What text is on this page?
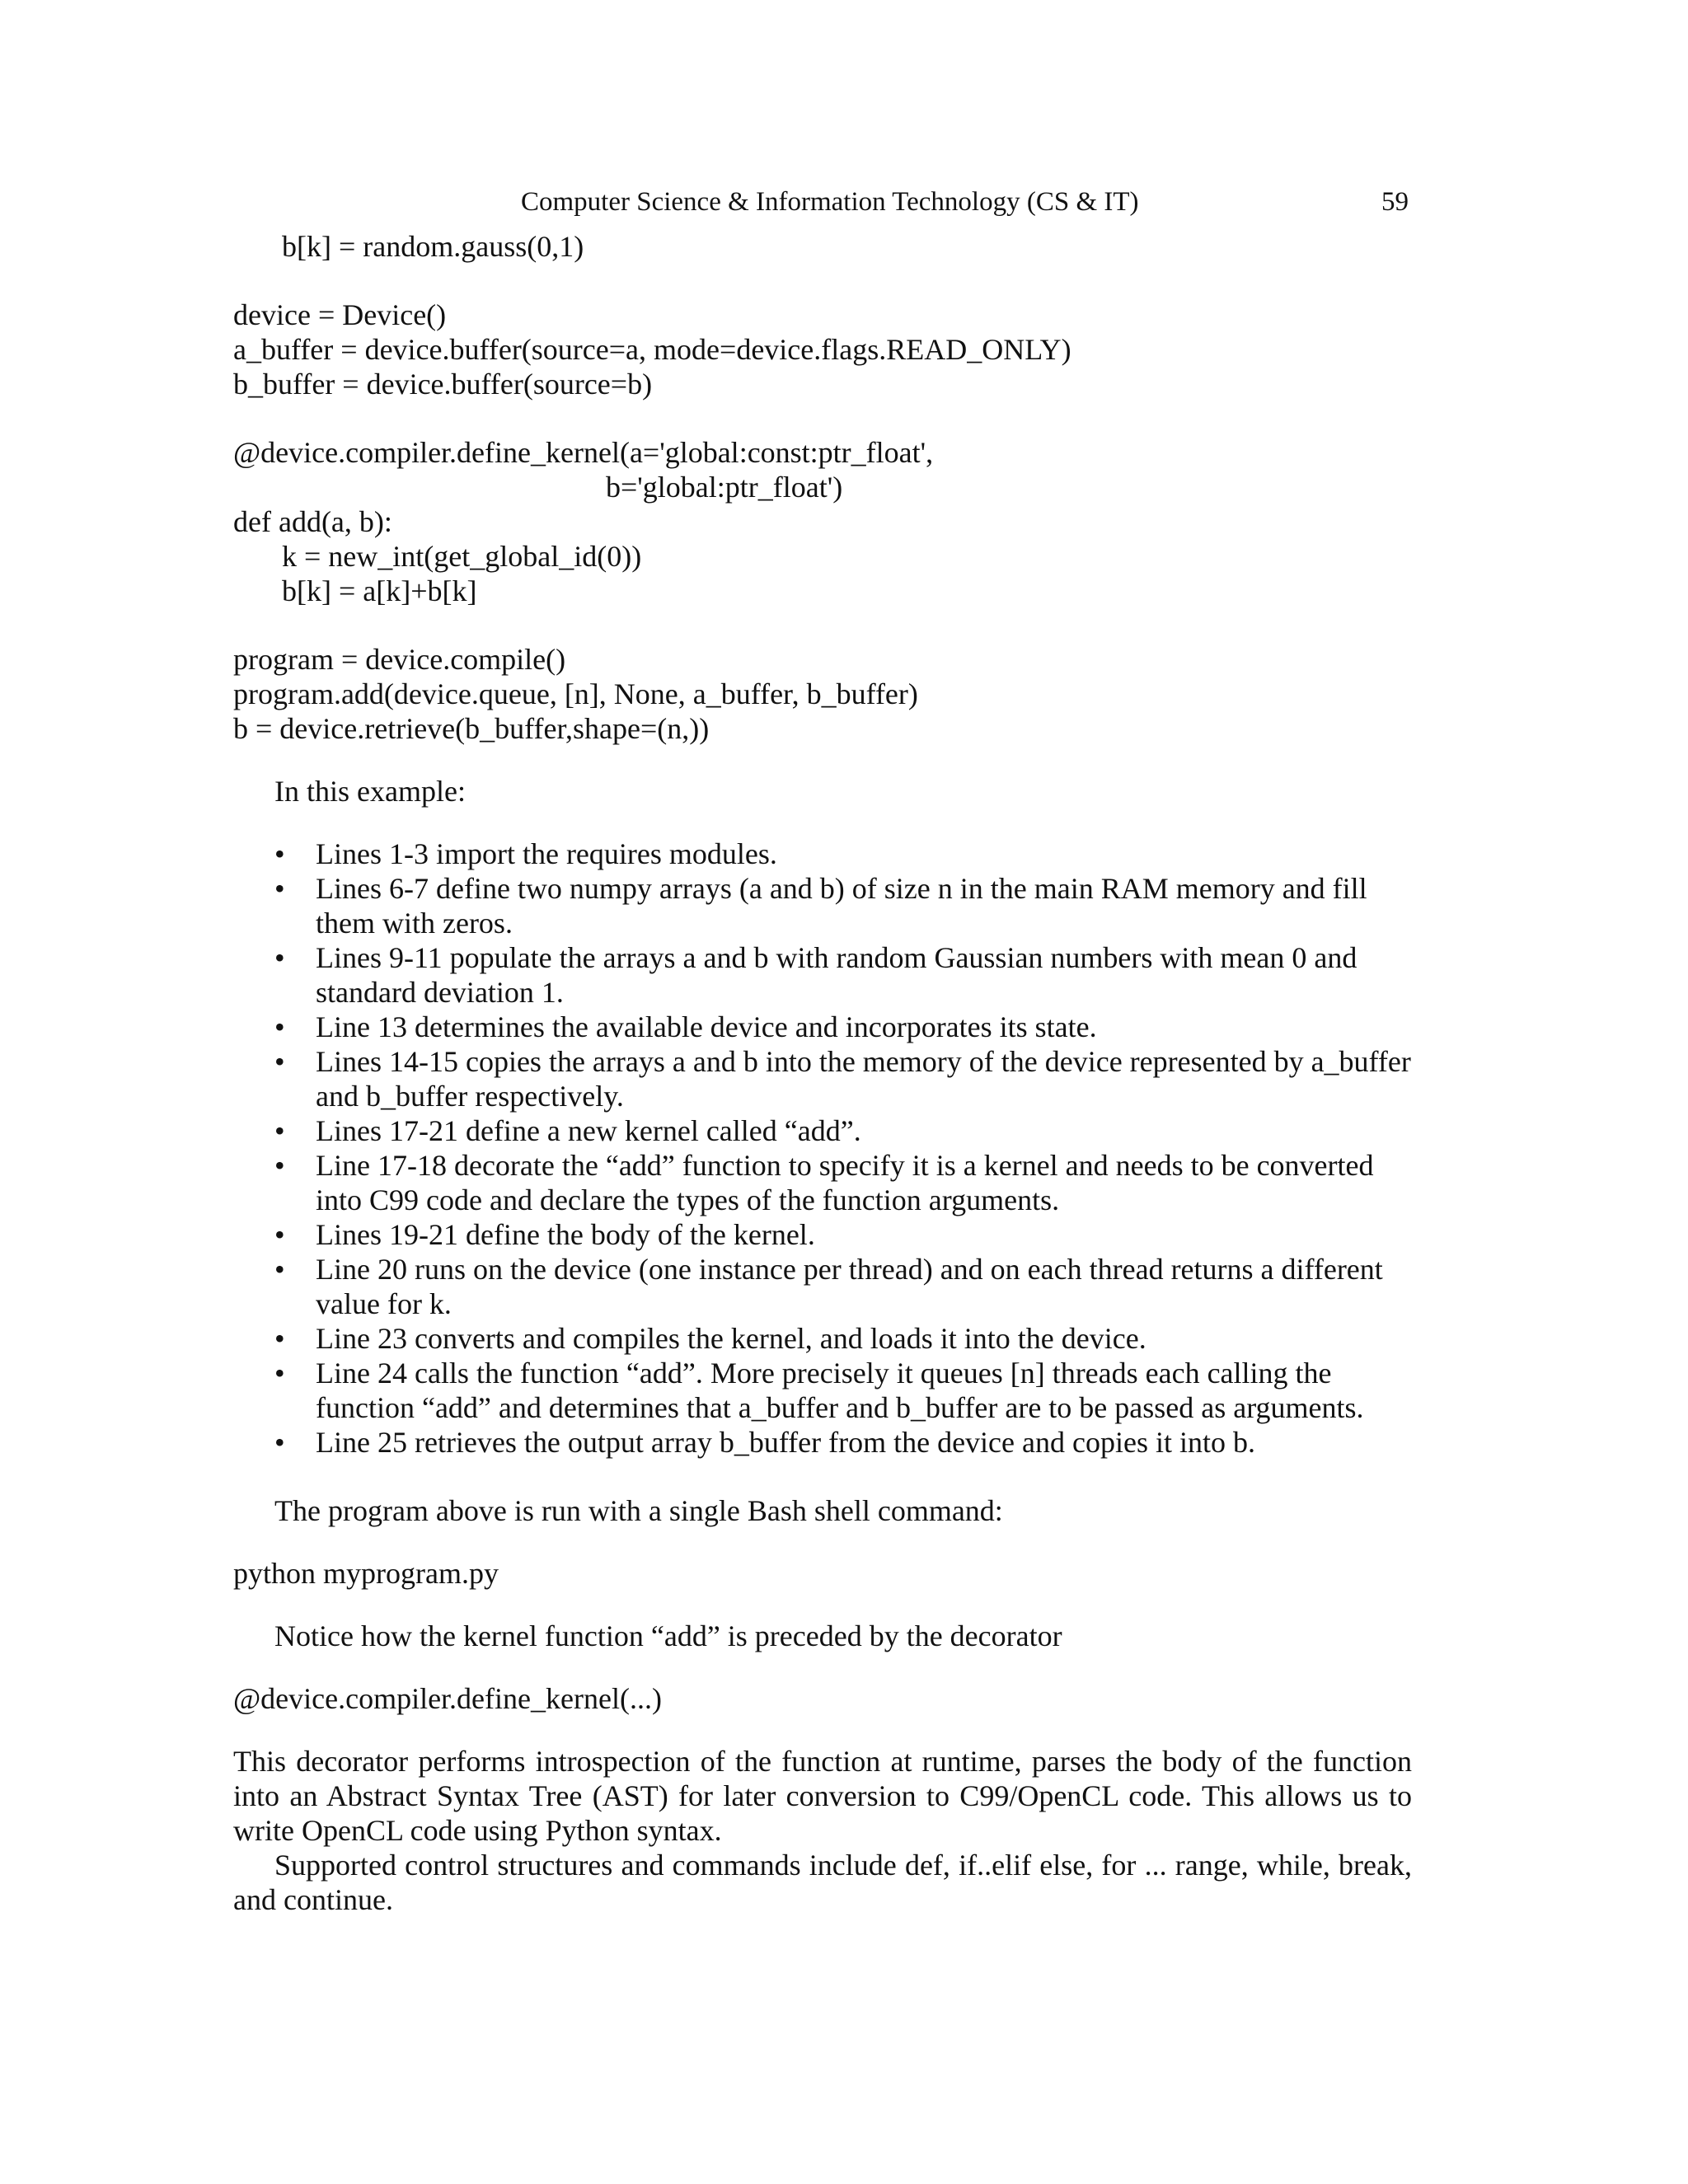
Computer Science & Information Technology (CS & IT)	59
b[k] = random.gauss(0,1)
device = Device()
a_buffer = device.buffer(source=a, mode=device.flags.READ_ONLY)
b_buffer = device.buffer(source=b)
@device.compiler.define_kernel(a='global:const:ptr_float',
b='global:ptr_float')
def add(a, b):
k = new_int(get_global_id(0))
b[k] = a[k]+b[k]
program = device.compile()
program.add(device.queue, [n], None, a_buffer, b_buffer)
b = device.retrieve(b_buffer,shape=(n,))
In this example:
• Lines 1-3 import the requires modules.
• Lines 6-7 define two numpy arrays (a and b) of size n in the main RAM memory and fill them with zeros.
• Lines 9-11 populate the arrays a and b with random Gaussian numbers with mean 0 and standard deviation 1.
• Line 13 determines the available device and incorporates its state.
• Lines 14-15 copies the arrays a and b into the memory of the device represented by a_buffer and b_buffer respectively.
• Lines 17-21 define a new kernel called “add”.
• Line 17-18 decorate the “add” function to specify it is a kernel and needs to be converted into C99 code and declare the types of the function arguments.
• Lines 19-21 define the body of the kernel.
• Line 20 runs on the device (one instance per thread) and on each thread returns a different value for k.
• Line 23 converts and compiles the kernel, and loads it into the device.
• Line 24 calls the function “add”. More precisely it queues [n] threads each calling the function “add” and determines that a_buffer and b_buffer are to be passed as arguments.
• Line 25 retrieves the output array b_buffer from the device and copies it into b.
The program above is run with a single Bash shell command:
python myprogram.py
Notice how the kernel function “add” is preceded by the decorator
@device.compiler.define_kernel(...)
This decorator performs introspection of the function at runtime, parses the body of the function into an Abstract Syntax Tree (AST) for later conversion to C99/OpenCL code. This allows us to write OpenCL code using Python syntax.
Supported control structures and commands include def, if..elif else, for ... range, while, break, and continue.
